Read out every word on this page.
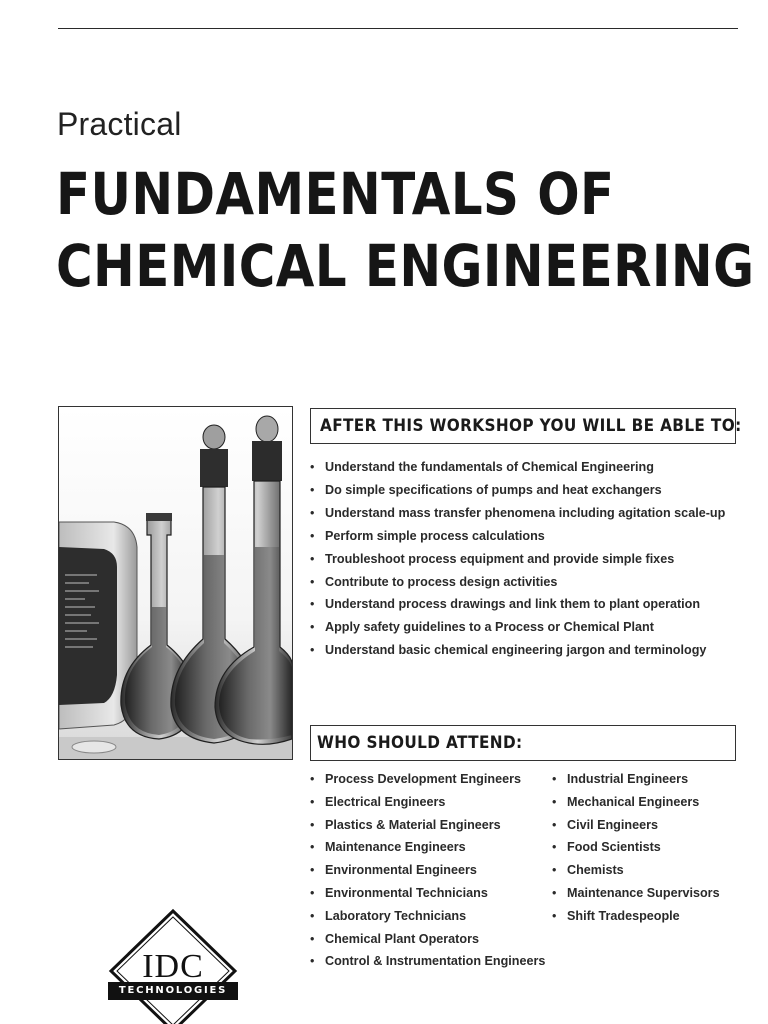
Practical
FUNDAMENTALS OF
CHEMICAL ENGINEERING
AFTER THIS WORKSHOP YOU WILL BE ABLE TO:
• Understand the fundamentals of Chemical Engineering
• Do simple specifications of pumps and heat exchangers
• Understand mass transfer phenomena including agitation scale-up
• Perform simple process calculations
• Troubleshoot process equipment and provide simple fixes
• Contribute to process design activities
• Understand process drawings and link them to plant operation
• Apply safety guidelines to a Process or Chemical Plant
• Understand basic chemical engineering jargon and terminology
WHO SHOULD ATTEND:
• Process Development Engineers
• Electrical Engineers
• Plastics & Material Engineers
• Maintenance Engineers
• Environmental Engineers
• Environmental Technicians
• Laboratory Technicians
• Chemical Plant Operators
• Control & Instrumentation Engineers
• Industrial Engineers
• Mechanical Engineers
• Civil Engineers
• Food Scientists
• Chemists
• Maintenance Supervisors
• Shift Tradespeople
IDC
TECHNOLOGIES
